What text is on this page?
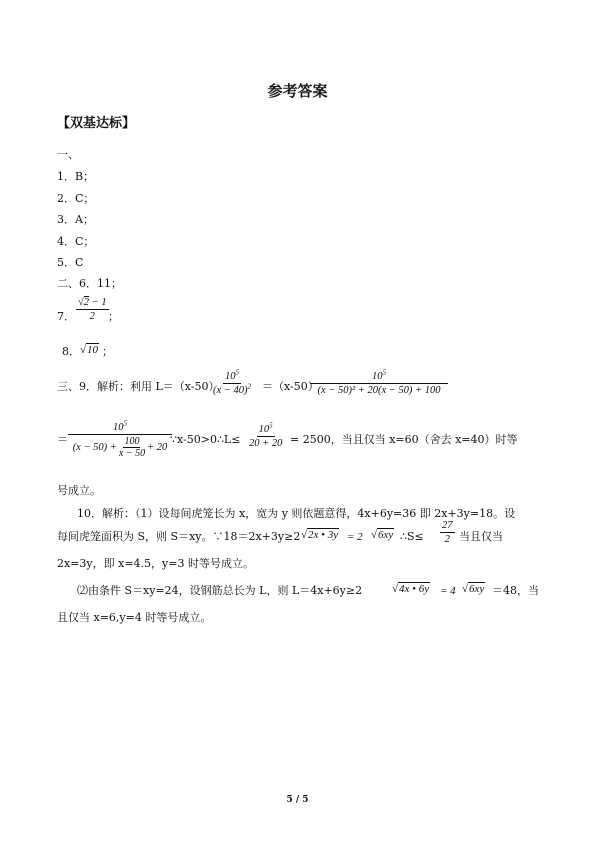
参考答案
【双基达标】
一、
1．B；
2．C；
3．A；
4．C；
5．C
二、6．11；
7． $\frac{√2 - 1}{2}$ ；
8． √10 ；
三、9．解析：利用 L＝（x-50）
$\frac{10^5}{(x - 40)^2} =(x-50)$
$\frac{10^5}{\text{(x − 50)² + 20(x − 50) + 100}}$
＝ $\frac{10^5}{(x - 50) + \frac{100}{x - 50} + 20}$
∵x-50>0∴L≤ $\frac{10^5}{20 + 20} = 2500$，当且仅当 x=60（舍去 x=40）时等
号成立。
10．解析：（1）设每间虎笼长为 x，宽为 y 则依题意得，4x+6y=36 即 2x+3y=18。设
每间虎笼面积为 S，则 S＝xy。∵18＝2x+3y≥2 √2x • 3y = 2 √6xy ∴S≤ $\frac{27}{2}$ 当且仅当
2x=3y，即 x=4.5，y=3 时等号成立。
⑵由条件 S＝xy=24，设钢筋总长为 L，则 L＝4x+6y≥2	√4x • 6y = 4 √6xy ＝48，当
且仅当 x=6,y=4 时等号成立。
5 / 5
